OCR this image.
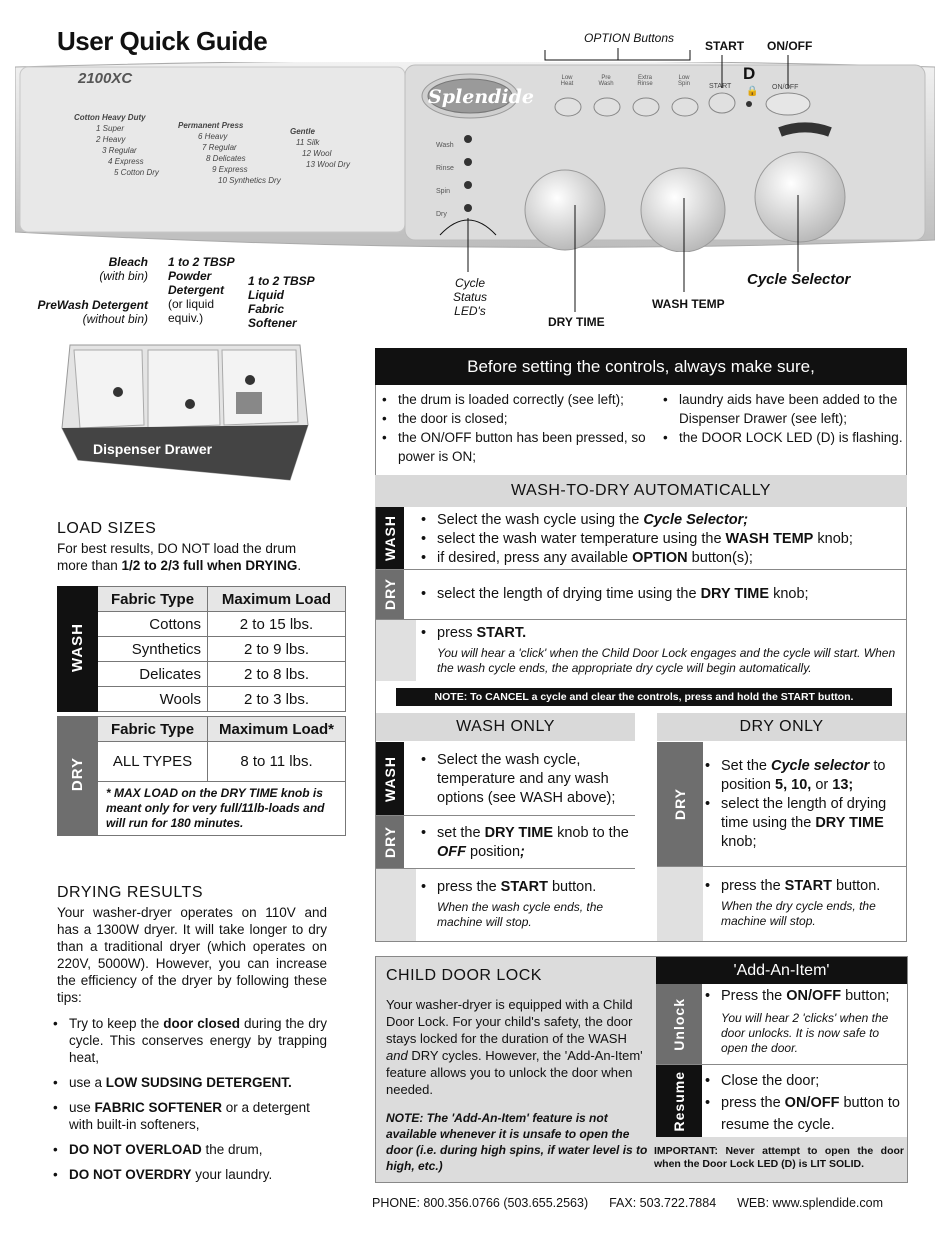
User Quick Guide
2100XC
Splendide
Cotton Heavy Duty
1 Super
2 Heavy
3 Regular
4 Express
5 Cotton Dry
Permanent Press
6 Heavy
7 Regular
8 Delicates
9 Express
10 Synthetics Dry
Gentle
11 Silk
12 Wool
13 Wool Dry
Wash
Rinse
Spin
Dry
Low Heat
Pre Wash
Extra Rinse
Low Spin	START	ON/OFF
OPTION Buttons
START ON/OFF
D
🔒
Cycle
Status
LED's
DRY TIME
WASH TEMP
Cycle Selector
Bleach
(with bin)
PreWash Detergent
(without bin)
1 to 2 TBSP
Powder
Detergent
(or liquid
equiv.)
1 to 2 TBSP
Liquid
Fabric
Softener
Dispenser Drawer
LOAD SIZES
For best results, DO NOT load the drum more than 1/2 to 2/3 full when DRYING.
WASH	Fabric Type	Maximum Load
	Cottons	2 to 15 lbs.
	Synthetics	2 to 9 lbs.
	Delicates	2 to 8 lbs.
	Wools	2 to 3 lbs.
DRY	Fabric Type	Maximum Load*
	ALL TYPES	8 to 11 lbs.
	* MAX LOAD on the DRY TIME knob is meant only for very full/11lb-loads and will run for 180 minutes.	
DRYING RESULTS
Your washer-dryer operates on 110V and has a 1300W dryer. It will take longer to dry than a traditional dryer (which operates on 220V, 5000W). However, you can increase the efficiency of the dryer by following these tips:
• Try to keep the door closed during the dry cycle. This conserves energy by trapping heat,
• use a LOW SUDSING DETERGENT.
• use FABRIC SOFTENER or a detergent with built-in softeners,
• DO NOT OVERLOAD the drum,
• DO NOT OVERDRY your laundry.
Before setting the controls, always make sure,
• the drum is loaded correctly (see left);
• the door is closed;
• the ON/OFF button has been pressed, so power is ON;
• laundry aids have been added to the Dispenser Drawer (see left);
• the DOOR LOCK LED (D) is flashing.
WASH-TO-DRY AUTOMATICALLY
WASH	• Select the wash cycle using the Cycle Selector;
• select the wash water temperature using the WASH TEMP knob;
• if desired, press any available OPTION button(s);
DRY	• select the length of drying time using the DRY TIME knob;
• press START.
You will hear a 'click' when the Child Door Lock engages and the cycle will start. When the wash cycle ends, the appropriate dry cycle will begin automatically.
NOTE: To CANCEL a cycle and clear the controls, press and hold the START button.
WASH ONLY
WASH	• Select the wash cycle, temperature and any wash options (see WASH above);
DRY	• set the DRY TIME knob to the OFF position;
• press the START button.
When the wash cycle ends, the machine will stop.
DRY ONLY
DRY
• Set the Cycle selector to position 5, 10, or 13;
• select the length of drying time using the DRY TIME knob;
• press the START button.
When the dry cycle ends, the machine will stop.
CHILD DOOR LOCK
Your washer-dryer is equipped with a Child Door Lock. For your child's safety, the door stays locked for the duration of the WASH and DRY cycles. However, the 'Add-An-Item' feature allows you to unlock the door when needed.
NOTE: The 'Add-An-Item' feature is not available whenever it is unsafe to open the door (i.e. during high spins, if water level is to high, etc.)
'Add-An-Item'
Unlock
• Press the ON/OFF button;
You will hear 2 'clicks' when the door unlocks. It is now safe to open the door.
Resume	• Close the door;
• press the ON/OFF button to resume the cycle.
IMPORTANT: Never attempt to open the door when the Door Lock LED (D) is LIT SOLID.
PHONE: 800.356.0766 (503.655.2563) FAX: 503.722.7884 WEB: www.splendide.com
